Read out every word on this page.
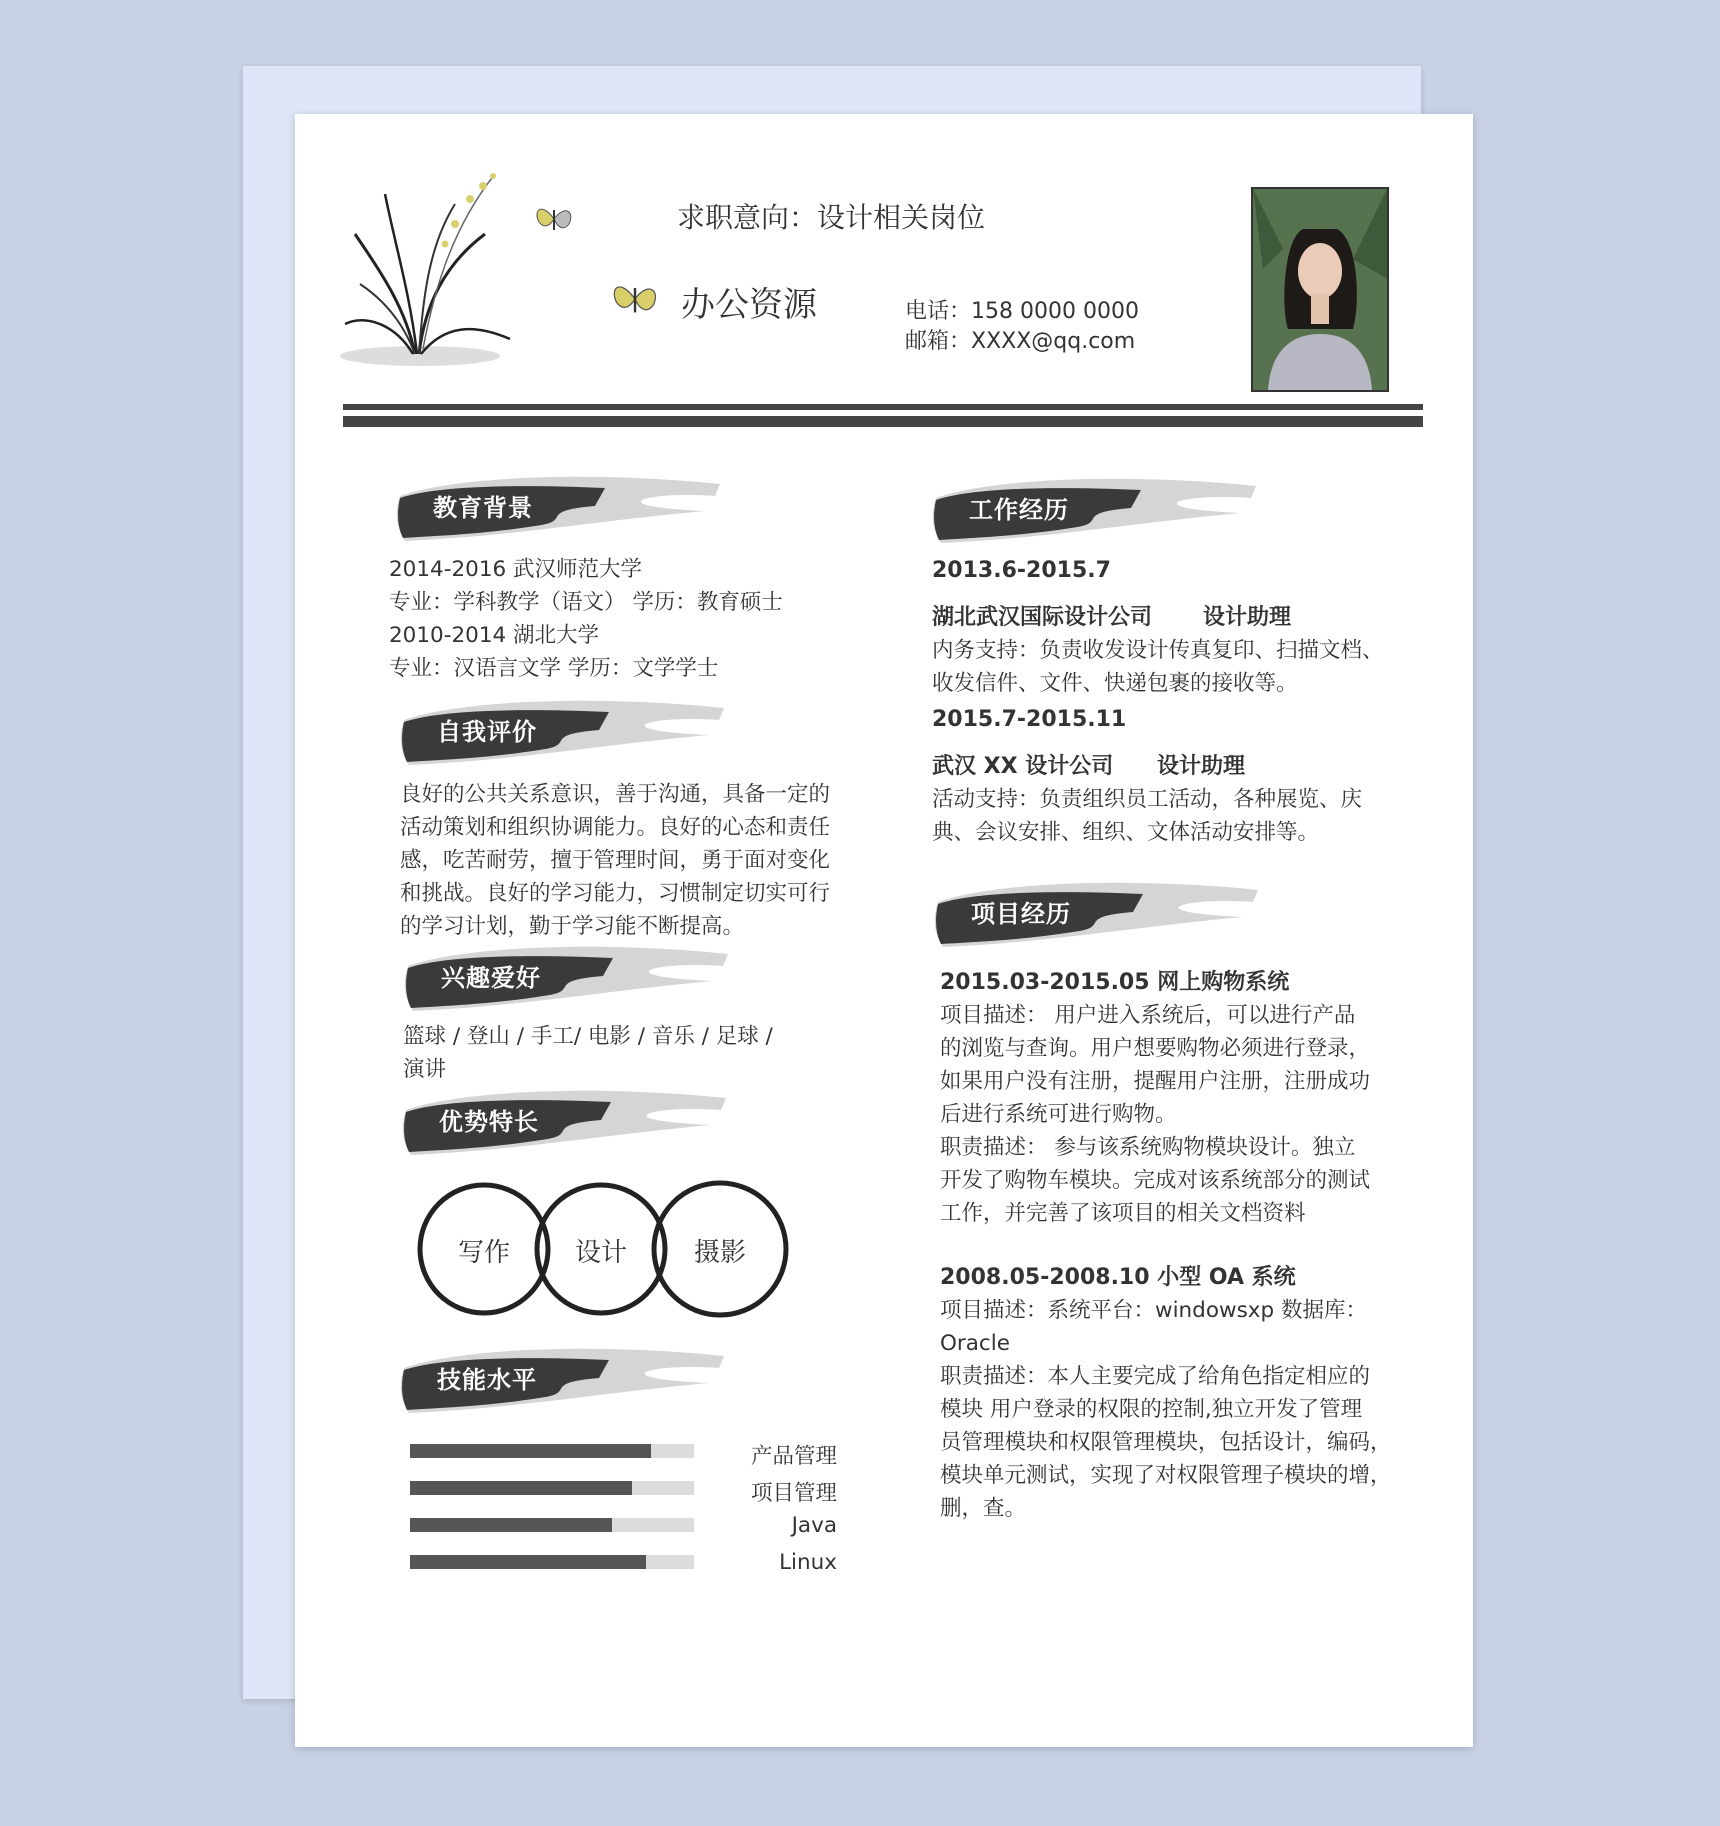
求职意向：设计相关岗位
办公资源	电话：158 0000 0000
邮箱：XXXX@qq.com
教育背景
2014-2016 武汉师范大学
专业：学科教学（语文） 学历：教育硕士
2010-2014 湖北大学
专业：汉语言文学 学历：文学学士
自我评价
良好的公共关系意识，善于沟通，具备一定的
活动策划和组织协调能力。良好的心态和责任
感，吃苦耐劳，擅于管理时间，勇于面对变化
和挑战。良好的学习能力，习惯制定切实可行
的学习计划，勤于学习能不断提高。
兴趣爱好
篮球 / 登山 / 手工/ 电影 / 音乐 / 足球 /
演讲
优势特长
写作	设计	摄影
技能水平
产品管理
项目管理
Java
Linux
工作经历
2013.6-2015.7
湖北武汉国际设计公司 设计助理
内务支持：负责收发设计传真复印、扫描文档、
收发信件、文件、快递包裹的接收等。
2015.7-2015.11
武汉 XX 设计公司 设计助理
活动支持：负责组织员工活动，各种展览、庆
典、会议安排、组织、文体活动安排等。
项目经历
2015.03-2015.05 网上购物系统
项目描述： 用户进入系统后，可以进行产品
的浏览与查询。用户想要购物必须进行登录，
如果用户没有注册，提醒用户注册，注册成功
后进行系统可进行购物。
职责描述： 参与该系统购物模块设计。独立
开发了购物车模块。完成对该系统部分的测试
工作，并完善了该项目的相关文档资料
2008.05-2008.10 小型 OA 系统
项目描述：系统平台：windowsxp 数据库：
Oracle
职责描述：本人主要完成了给角色指定相应的
模块 用户登录的权限的控制,独立开发了管理
员管理模块和权限管理模块，包括设计，编码，
模块单元测试，实现了对权限管理子模块的增，
删，查。
